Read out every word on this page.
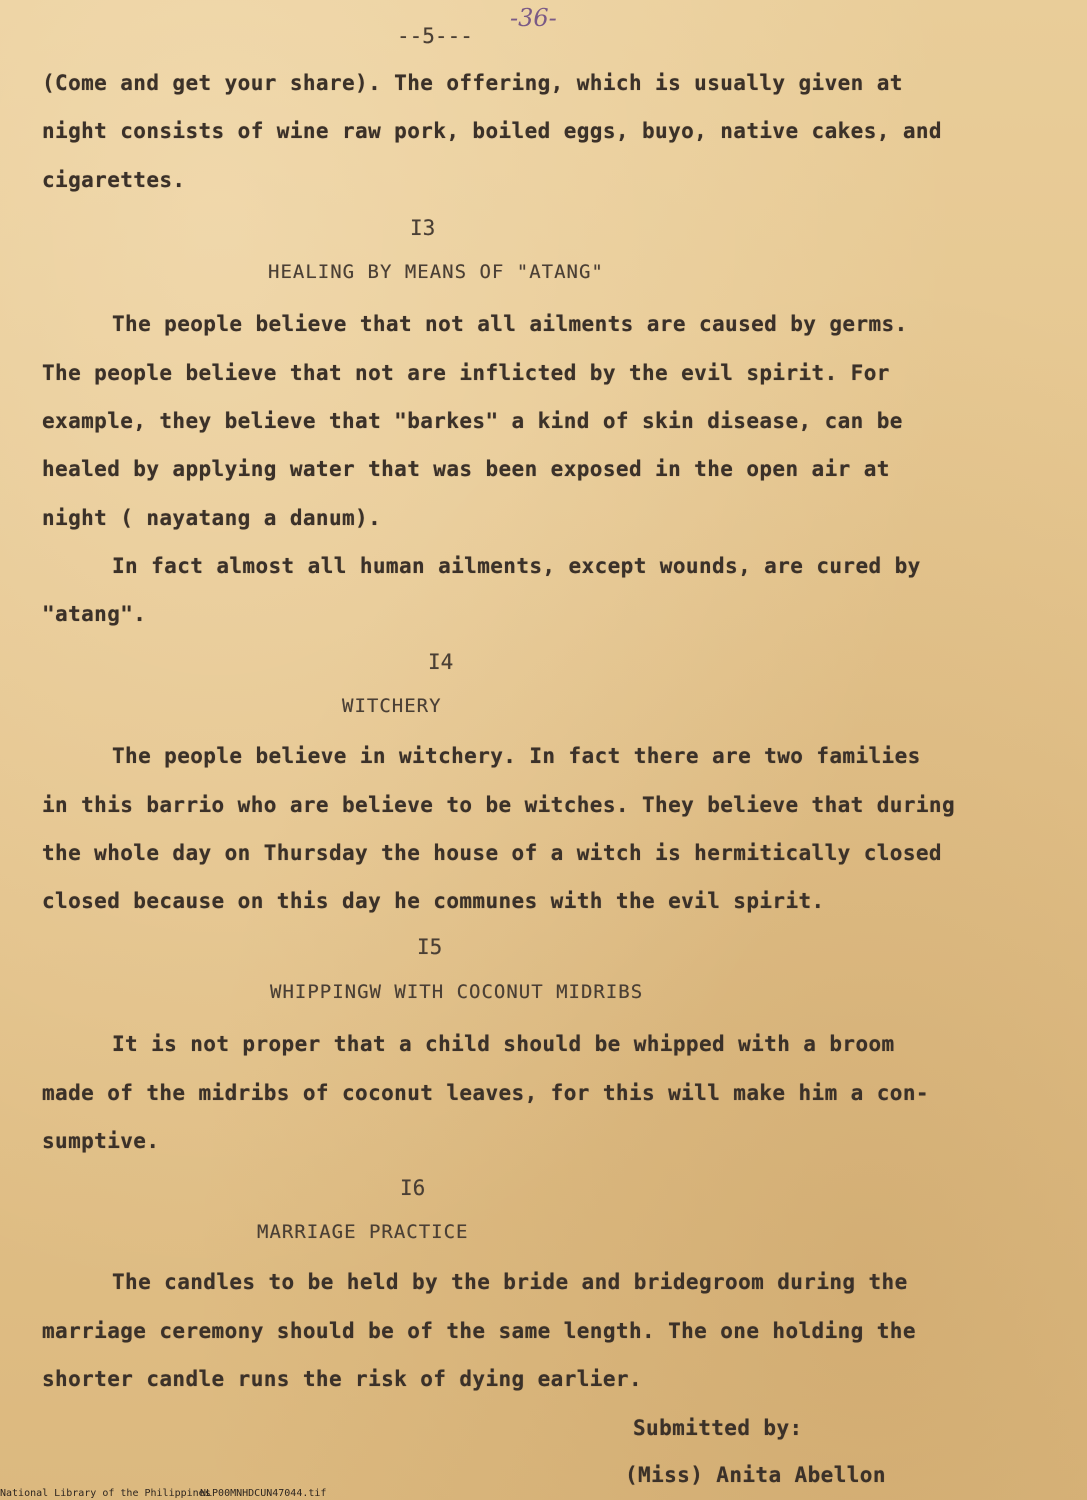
--5---
-36-
(Come and get your share). The offering, which is usually given at
night consists of wine raw pork, boiled eggs, buyo, native cakes, and
cigarettes.
I3
HEALING BY MEANS OF "ATANG"
The people believe that not all ailments are caused by germs.
The people believe that not are inflicted by the evil spirit. For
example, they believe that "barkes" a kind of skin disease, can be
healed by applying water that was been exposed in the open air at
night ( nayatang a danum).
In fact almost all human ailments, except wounds, are cured by
"atang".
I4
WITCHERY
The people believe in witchery. In fact there are two families
in this barrio who are believe to be witches. They believe that during
the whole day on Thursday the house of a witch is hermitically closed
closed because on this day he communes with the evil spirit.
I5
WHIPPINGW WITH COCONUT MIDRIBS
It is not proper that a child should be whipped with a broom
made of the midribs of coconut leaves, for this will make him a con-
sumptive.
I6
MARRIAGE PRACTICE
The candles to be held by the bride and bridegroom during the
marriage ceremony should be of the same length. The one holding the
shorter candle runs the risk of dying earlier.
Submitted by:
(Miss) Anita Abellon
National Library of the Philippines
NLP00MNHDCUN47044.tif
